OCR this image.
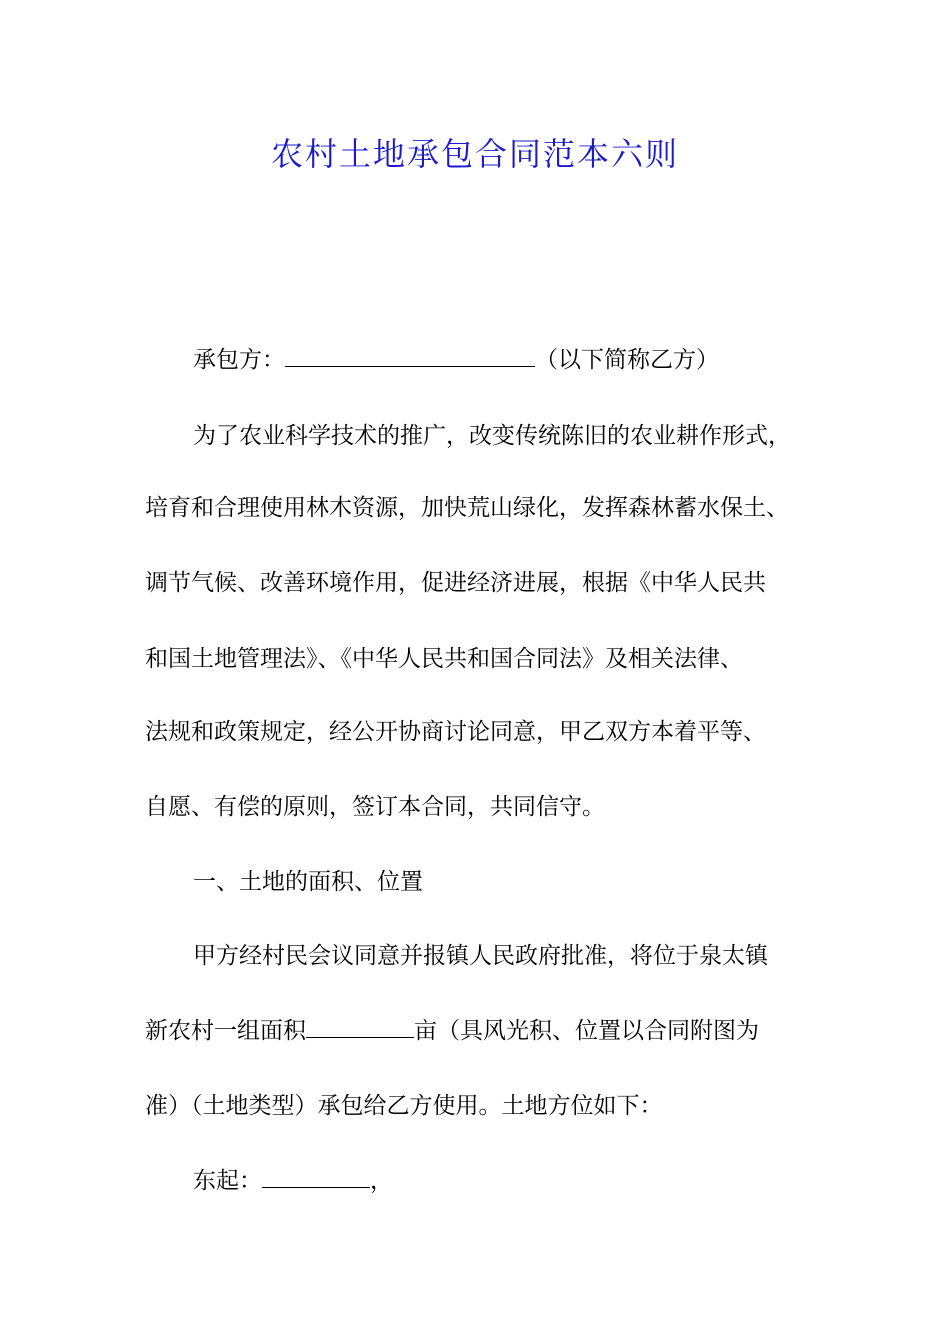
农村土地承包合同范本六则
承包方：	（以下简称乙方）
为了农业科学技术的推广，改变传统陈旧的农业耕作形式，
培育和合理使用林木资源，加快荒山绿化，发挥森林蓄水保土、
调节气候、改善环境作用，促进经济进展，根据《中华人民共
和国土地管理法》、《中华人民共和国合同法》及相关法律、
法规和政策规定，经公开协商讨论同意，甲乙双方本着平等、
自愿、有偿的原则，签订本合同，共同信守。
一、土地的面积、位置
甲方经村民会议同意并报镇人民政府批准，将位于泉太镇
新农村一组面积	亩（具风光积、位置以合同附图为
准）（土地类型）承包给乙方使用。土地方位如下：
东起：	，
